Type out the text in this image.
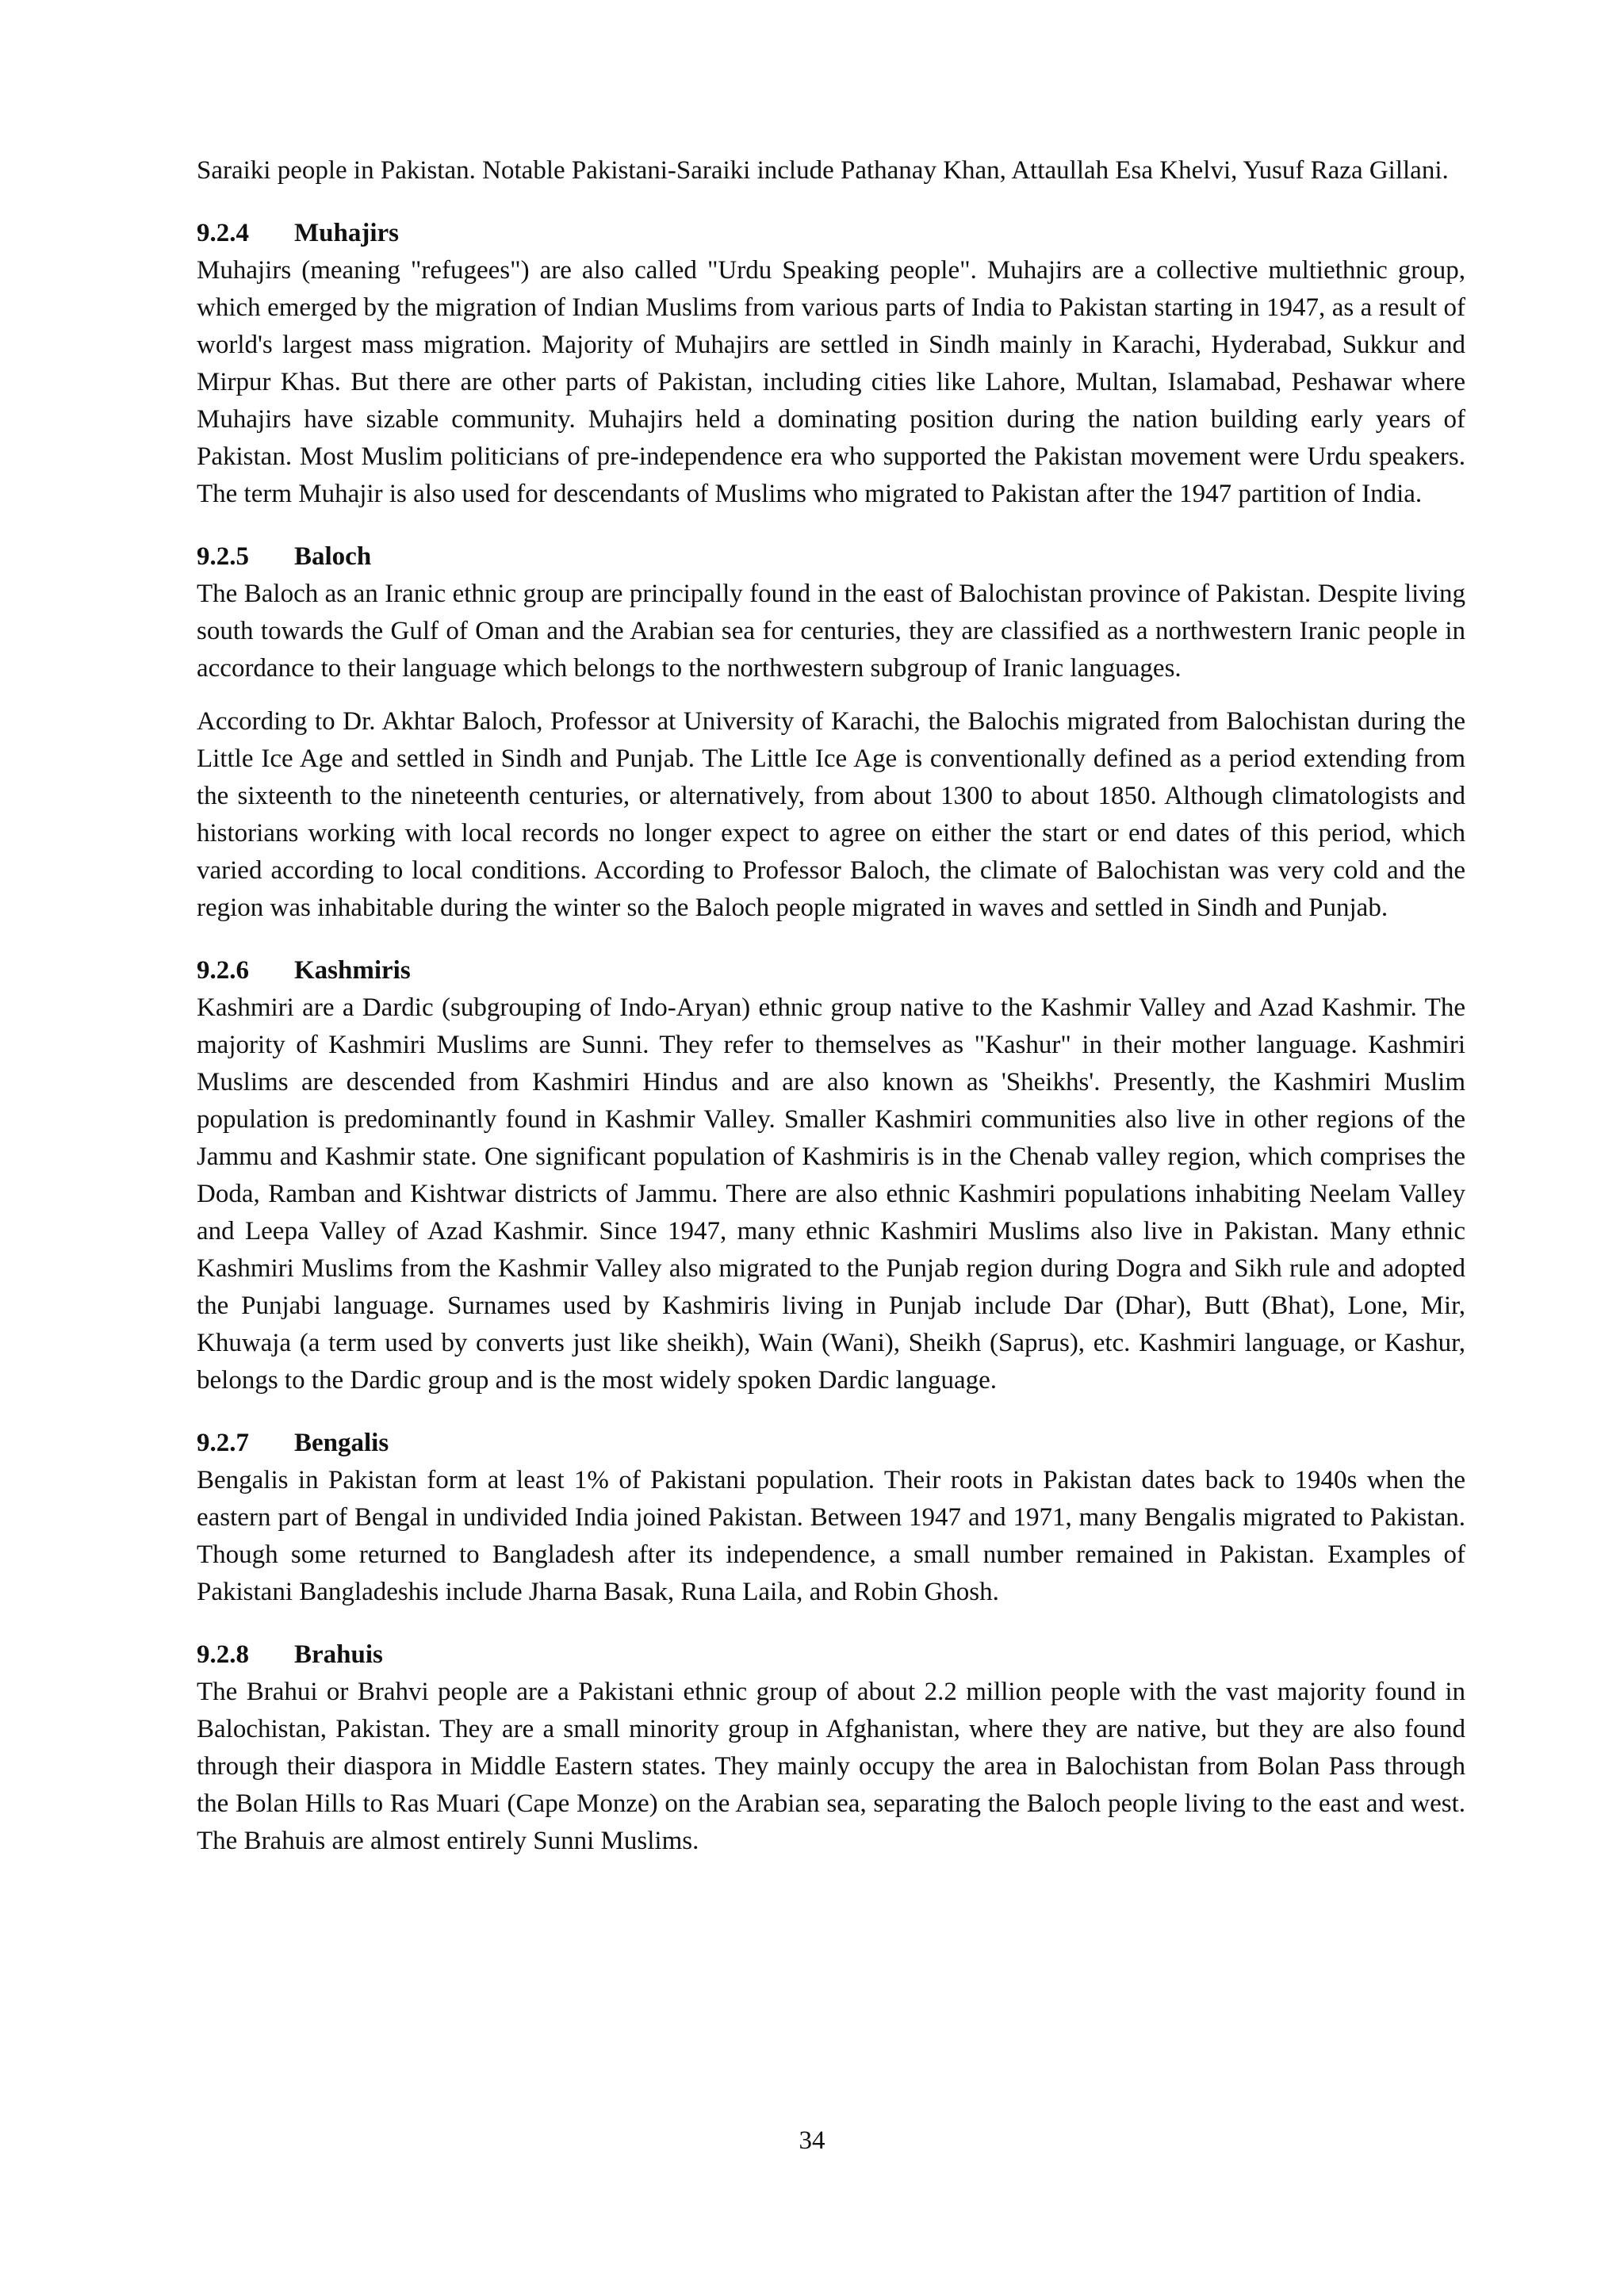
Saraiki people in Pakistan. Notable Pakistani-Saraiki include Pathanay Khan, Attaullah Esa Khelvi, Yusuf Raza Gillani.

9.2.4 Muhajirs

Muhajirs (meaning "refugees") are also called "Urdu Speaking people". Muhajirs are a collective multiethnic group, which emerged by the migration of Indian Muslims from various parts of India to Pakistan starting in 1947, as a result of world's largest mass migration. Majority of Muhajirs are settled in Sindh mainly in Karachi, Hyderabad, Sukkur and Mirpur Khas. But there are other parts of Pakistan, including cities like Lahore, Multan, Islamabad, Peshawar where Muhajirs have sizable community. Muhajirs held a dominating position during the nation building early years of Pakistan. Most Muslim politicians of pre-independence era who supported the Pakistan movement were Urdu speakers. The term Muhajir is also used for descendants of Muslims who migrated to Pakistan after the 1947 partition of India.

9.2.5 Baloch

The Baloch as an Iranic ethnic group are principally found in the east of Balochistan province of Pakistan. Despite living south towards the Gulf of Oman and the Arabian sea for centuries, they are classified as a northwestern Iranic people in accordance to their language which belongs to the northwestern subgroup of Iranic languages.

According to Dr. Akhtar Baloch, Professor at University of Karachi, the Balochis migrated from Balochistan during the Little Ice Age and settled in Sindh and Punjab. The Little Ice Age is conventionally defined as a period extending from the sixteenth to the nineteenth centuries, or alternatively, from about 1300 to about 1850. Although climatologists and historians working with local records no longer expect to agree on either the start or end dates of this period, which varied according to local conditions. According to Professor Baloch, the climate of Balochistan was very cold and the region was inhabitable during the winter so the Baloch people migrated in waves and settled in Sindh and Punjab.

9.2.6 Kashmiris

Kashmiri are a Dardic (subgrouping of Indo-Aryan) ethnic group native to the Kashmir Valley and Azad Kashmir. The majority of Kashmiri Muslims are Sunni. They refer to themselves as "Kashur" in their mother language. Kashmiri Muslims are descended from Kashmiri Hindus and are also known as 'Sheikhs'. Presently, the Kashmiri Muslim population is predominantly found in Kashmir Valley. Smaller Kashmiri communities also live in other regions of the Jammu and Kashmir state. One significant population of Kashmiris is in the Chenab valley region, which comprises the Doda, Ramban and Kishtwar districts of Jammu. There are also ethnic Kashmiri populations inhabiting Neelam Valley and Leepa Valley of Azad Kashmir. Since 1947, many ethnic Kashmiri Muslims also live in Pakistan. Many ethnic Kashmiri Muslims from the Kashmir Valley also migrated to the Punjab region during Dogra and Sikh rule and adopted the Punjabi language. Surnames used by Kashmiris living in Punjab include Dar (Dhar), Butt (Bhat), Lone, Mir, Khuwaja (a term used by converts just like sheikh), Wain (Wani), Sheikh (Saprus), etc. Kashmiri language, or Kashur, belongs to the Dardic group and is the most widely spoken Dardic language.

9.2.7 Bengalis

Bengalis in Pakistan form at least 1% of Pakistani population. Their roots in Pakistan dates back to 1940s when the eastern part of Bengal in undivided India joined Pakistan. Between 1947 and 1971, many Bengalis migrated to Pakistan. Though some returned to Bangladesh after its independence, a small number remained in Pakistan. Examples of Pakistani Bangladeshis include Jharna Basak, Runa Laila, and Robin Ghosh.

9.2.8 Brahuis

The Brahui or Brahvi people are a Pakistani ethnic group of about 2.2 million people with the vast majority found in Balochistan, Pakistan. They are a small minority group in Afghanistan, where they are native, but they are also found through their diaspora in Middle Eastern states. They mainly occupy the area in Balochistan from Bolan Pass through the Bolan Hills to Ras Muari (Cape Monze) on the Arabian sea, separating the Baloch people living to the east and west. The Brahuis are almost entirely Sunni Muslims.

34
